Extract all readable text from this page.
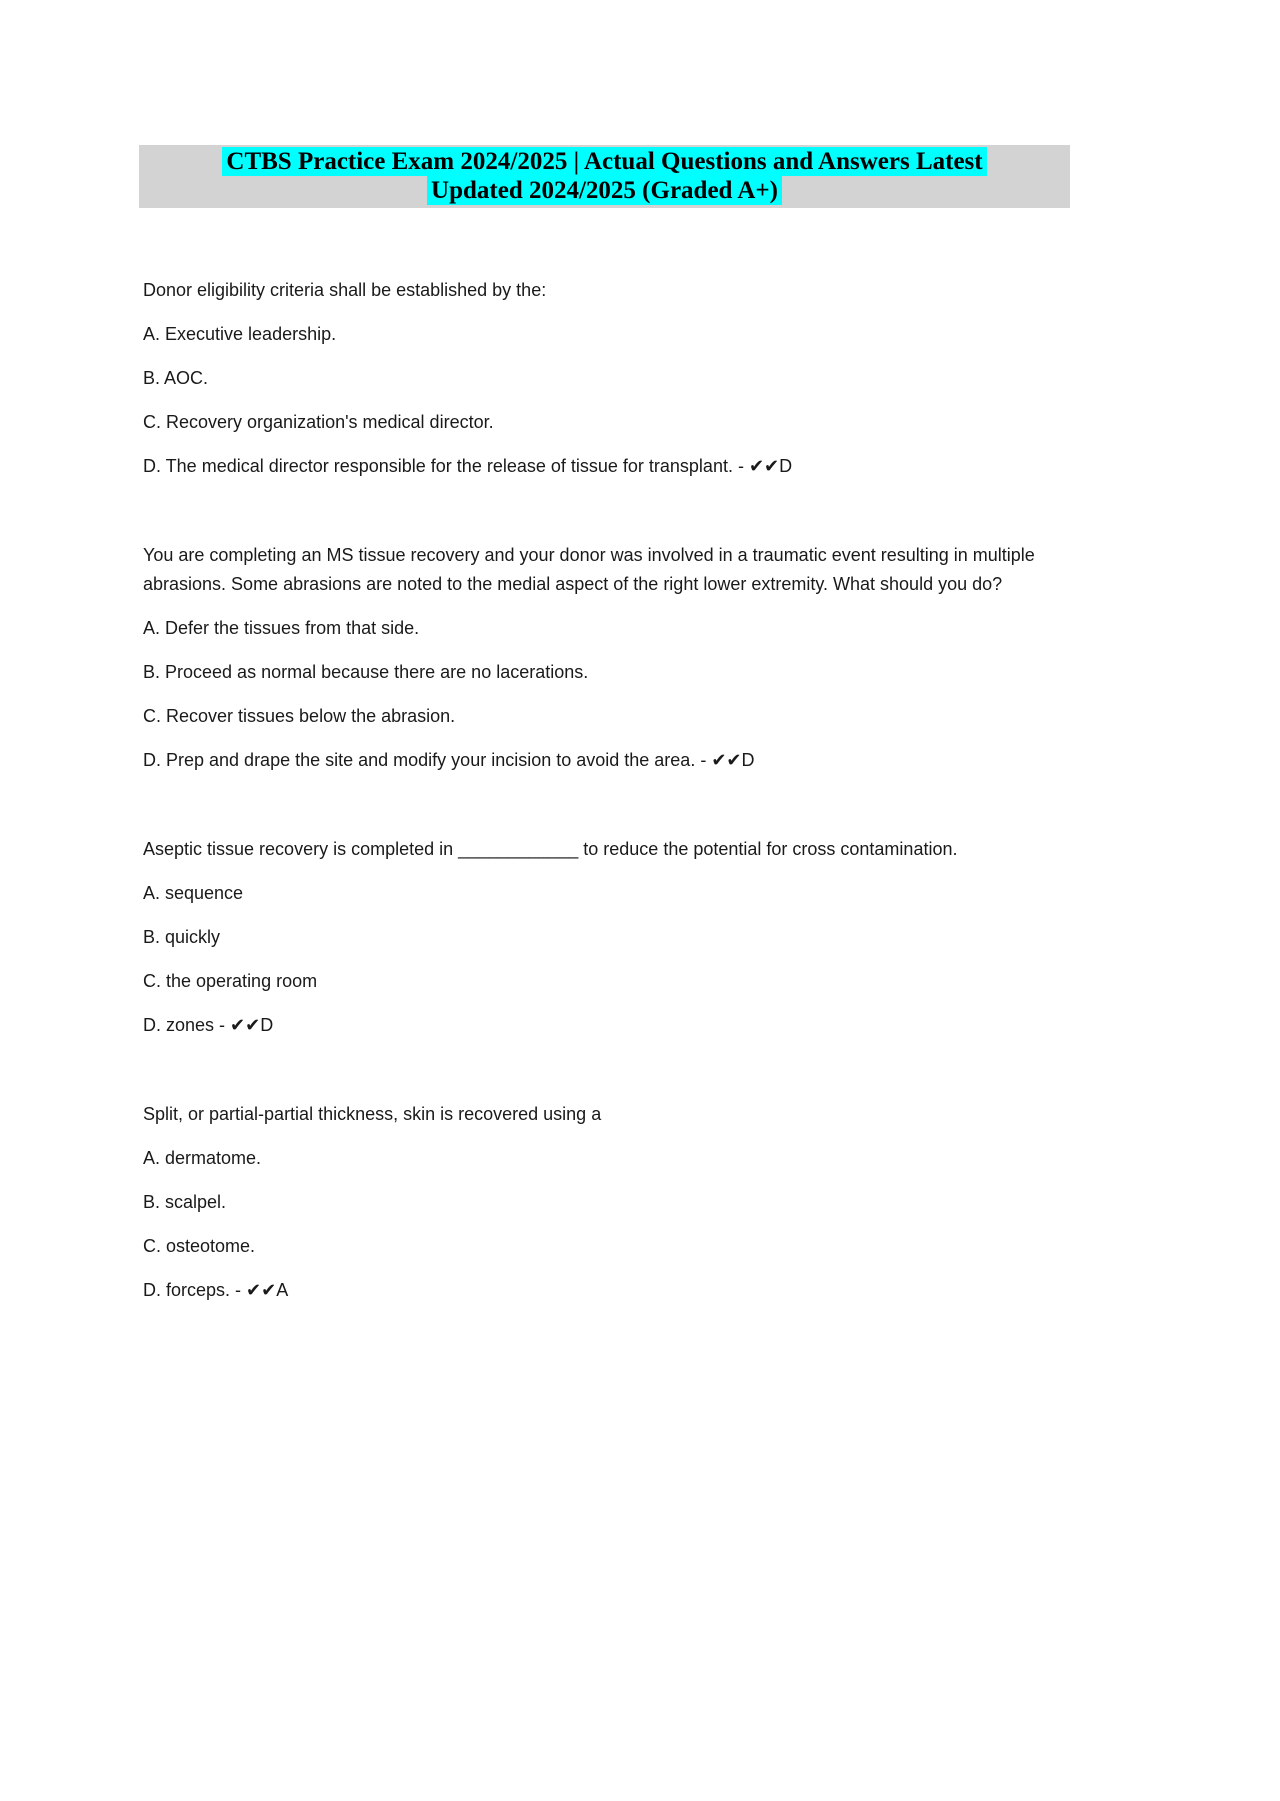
CTBS Practice Exam 2024/2025 | Actual Questions and Answers Latest
Updated 2024/2025 (Graded A+)

Donor eligibility criteria shall be established by the:

A. Executive leadership.

B. AOC.

C. Recovery organization's medical director.

D. The medical director responsible for the release of tissue for transplant. - ✔✔D

You are completing an MS tissue recovery and your donor was involved in a traumatic event resulting in multiple abrasions. Some abrasions are noted to the medial aspect of the right lower extremity. What should you do?

A. Defer the tissues from that side.

B. Proceed as normal because there are no lacerations.

C. Recover tissues below the abrasion.

D. Prep and drape the site and modify your incision to avoid the area. - ✔✔D

Aseptic tissue recovery is completed in ____________ to reduce the potential for cross contamination.

A. sequence

B. quickly

C. the operating room

D. zones - ✔✔D

Split, or partial-partial thickness, skin is recovered using a

A. dermatome.

B. scalpel.

C. osteotome.

D. forceps. - ✔✔A
